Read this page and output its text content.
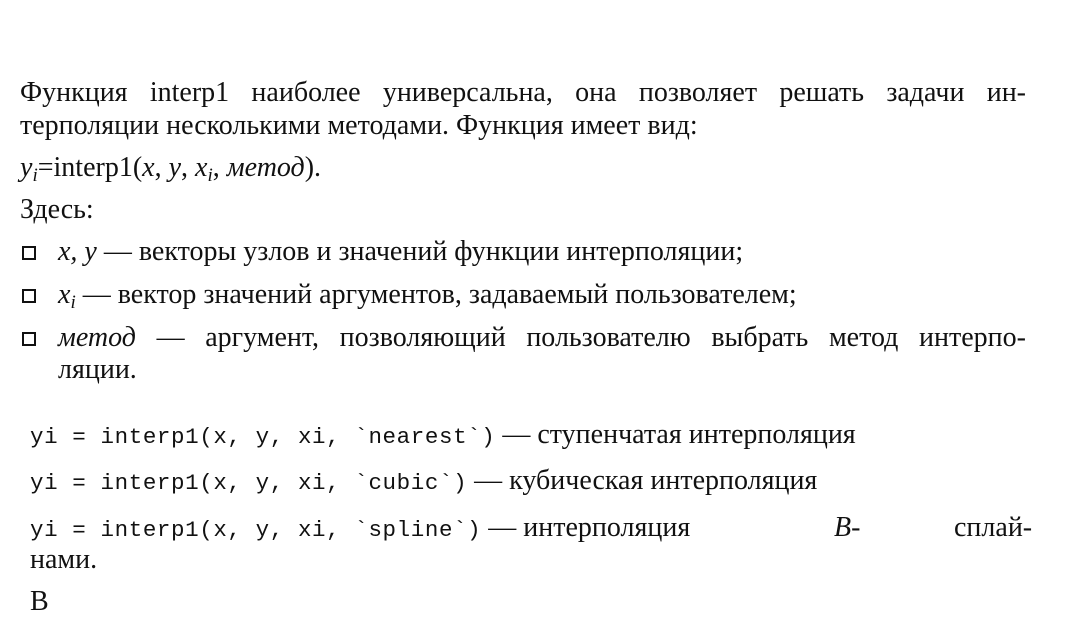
Функция interp1 наиболее универсальна, она позволяет решать задачи ин-
терполяции несколькими методами. Функция имеет вид:
$y_i=interp1(x$, y, $x_i$, метод).
Здесь:
x, y — векторы узлов и значений функции интерполяции;
$x_i$ — вектор значений аргументов, задаваемый пользователем;
метод — аргумент, позволяющий пользователю выбрать метод интерпо-
ляции.
yi = interp1(x, y, xi, `nearest`) — ступенчатая интерполяция
yi = interp1(x, y, xi, `cubic`) — кубическая интерполяция
yi = interp1(x, y, xi, `spline`) — интерполяция	B-	сплай-
нами.
В
